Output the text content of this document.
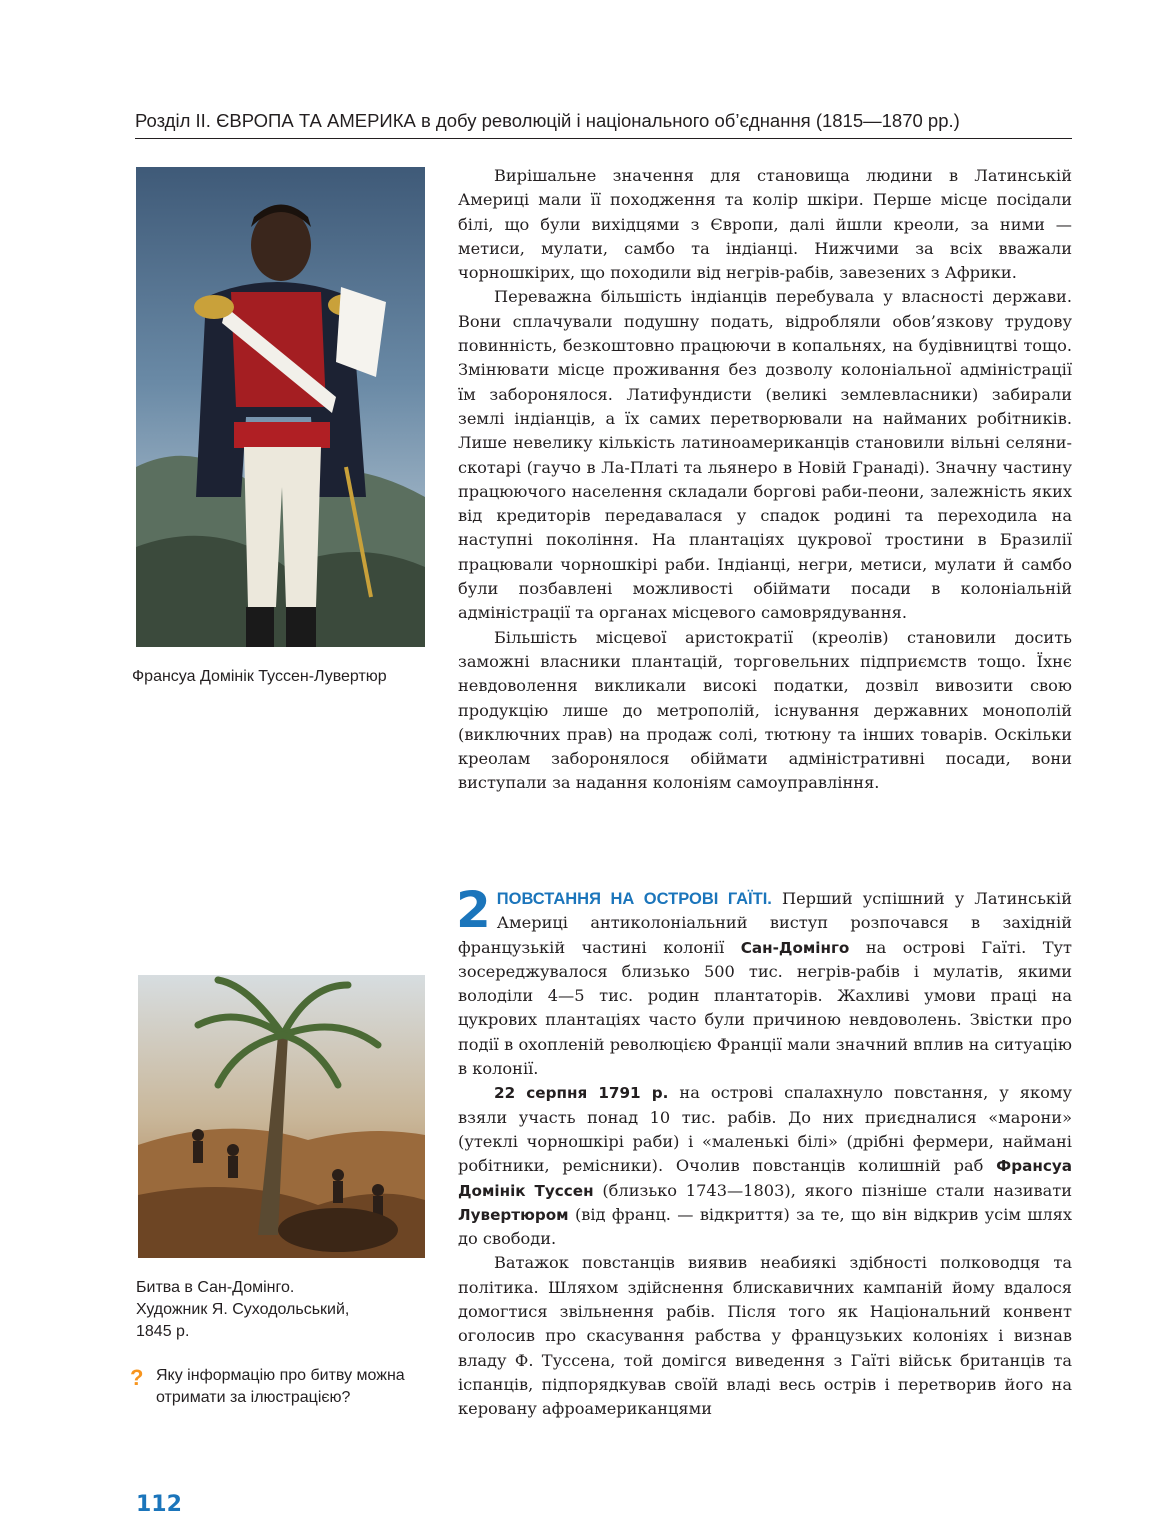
Розділ II. ЄВРОПА ТА АМЕРИКА в добу революцій і національного об’єднання (1815—1870 рр.)
Франсуа Домінік Туссен-Лувертюр
Битва в Сан-Домінго.
Художник Я. Суходольський,
1845 р.
? Яку інформацію про битву можна отримати за ілюстрацією?
112

Вирішальне значення для становища людини в Латинській Америці мали її походження та колір шкіри. Перше місце посідали білі, що були вихідцями з Європи, далі йшли креоли, за ними — метиси, мулати, самбо та індіанці. Нижчими за всіх вважали чорношкірих, що походили від негрів-рабів, завезених з Африки.

Переважна більшість індіанців перебувала у власності держави. Вони сплачували подушну подать, відробляли обов’язкову трудову повинність, безкоштовно працюючи в копальнях, на будівництві тощо. Змінювати місце проживання без дозволу колоніальної адміністрації їм заборонялося. Латифундисти (великі землевласники) забирали землі індіанців, а їх самих перетворювали на найманих робітників. Лише невелику кількість латиноамериканців становили вільні селяни-скотарі (гаучо в Ла-Платі та льянеро в Новій Гранаді). Значну частину працюючого населення складали боргові раби-пеони, залежність яких від кредиторів передавалася у спадок родині та переходила на наступні покоління. На плантаціях цукрової тростини в Бразилії працювали чорношкірі раби. Індіанці, негри, метиси, мулати й самбо були позбавлені можливості обіймати посади в колоніальній адміністрації та органах місцевого самоврядування.

Більшість місцевої аристократії (креолів) становили досить заможні власники плантацій, торговельних підприємств тощо. Їхнє невдоволення викликали високі податки, дозвіл вивозити свою продукцію лише до метрополій, існування державних монополій (виключних прав) на продаж солі, тютюну та інших товарів. Оскільки креолам заборонялося обіймати адміністративні посади, вони виступали за надання колоніям самоуправління.

2 ПОВСТАННЯ НА ОСТРОВІ ГАЇТІ. Перший успішний у Латинській Америці антиколоніальний виступ розпочався в західній французькій частині колонії Сан-Домінго на острові Гаїті. Тут зосереджувалося близько 500 тис. негрів-рабів і мулатів, якими володіли 4—5 тис. родин плантаторів. Жахливі умови праці на цукрових плантаціях часто були причиною невдоволень. Звістки про події в охопленій революцією Франції мали значний вплив на ситуацію в колонії.

22 серпня 1791 р. на острові спалахнуло повстання, у якому взяли участь понад 10 тис. рабів. До них приєдналися «марони» (утеклі чорношкірі раби) і «маленькі білі» (дрібні фермери, наймані робітники, ремісники). Очолив повстанців колишній раб Франсуа Домінік Туссен (близько 1743—1803), якого пізніше стали називати Лувертюром (від франц. — відкриття) за те, що він відкрив усім шлях до свободи.

Ватажок повстанців виявив неабиякі здібності полководця та політика. Шляхом здійснення блискавичних кампаній йому вдалося домогтися звільнення рабів. Після того як Національний конвент оголосив про скасування рабства у французьких колоніях і визнав владу Ф. Туссена, той домігся виведення з Гаїті військ британців та іспанців, підпорядкував своїй владі весь острів і перетворив його на керовану афроамериканцями
